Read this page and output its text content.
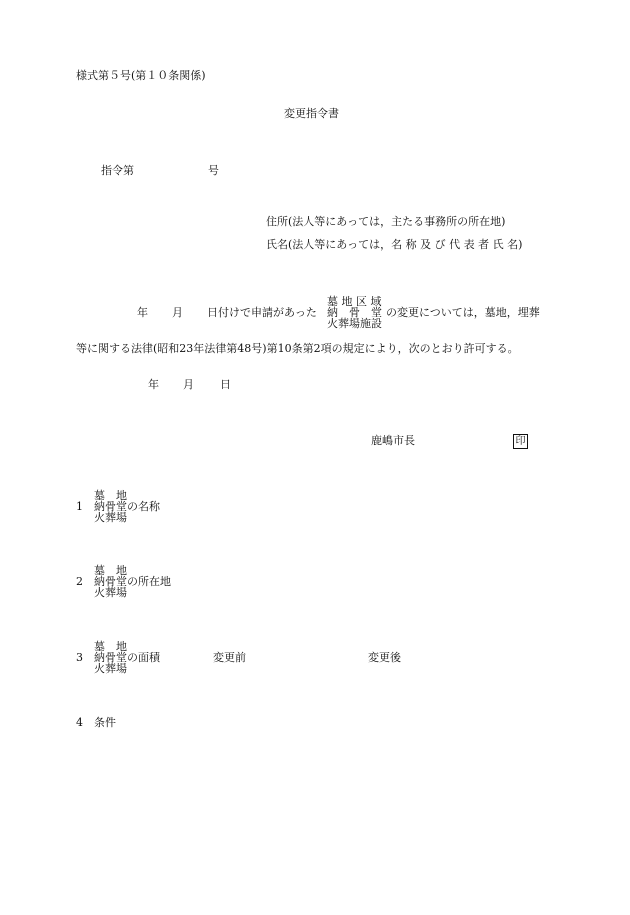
様式第５号(第１０条関係)
変更指令書
指令第	号
住所(法人等にあっては，主たる事務所の所在地)
氏名(法人等にあっては，名 称 及 び 代 表 者 氏 名)
年 月 日付けで申請があった
墓 地 区 域
納　骨　堂
火葬場施設
の変更については，墓地，埋葬
等に関する法律(昭和23年法律第48号)第10条第2項の規定により，次のとおり許可する。
年 月 日
鹿嶋市長	印
1
墓　地
納骨堂の名称
火葬場
2
墓　地
納骨堂の所在地
火葬場
3
墓　地
納骨堂の面積
火葬場
変更前	変更後
4 条件
